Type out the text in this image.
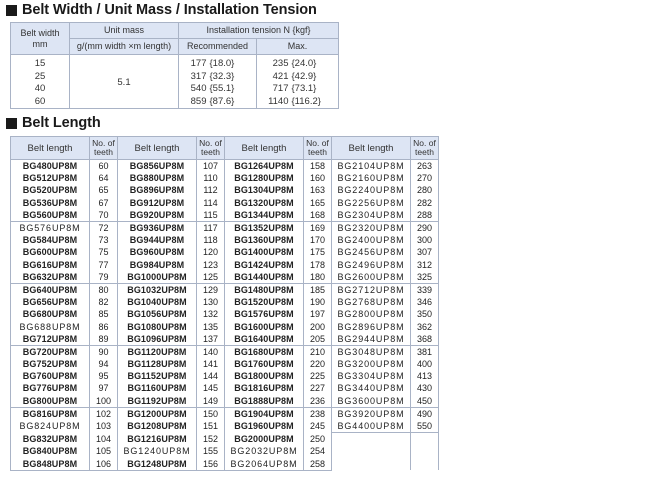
Belt Width / Unit Mass / Installation Tension
Belt width
mm	Unit mass	Installation tension N {kgf}			
	g/(mm width ×m length)	Recommended		Max.	
15	5.1	177	{18.0}	235	{24.0}
25		317	{32.3}	421	{42.9}
40		540	{55.1}	717	{73.1}
60		859	{87.6}	1140	{116.2}
Belt Length
Belt length	No. of teeth	Belt length	No. of teeth	Belt length	No. of teeth	Belt length	No. of teeth
BG480UP8M	60	BG856UP8M	107	BG1264UP8M	158	BG2104UP8M	263
BG512UP8M	64	BG880UP8M	110	BG1280UP8M	160	BG2160UP8M	270
BG520UP8M	65	BG896UP8M	112	BG1304UP8M	163	BG2240UP8M	280
BG536UP8M	67	BG912UP8M	114	BG1320UP8M	165	BG2256UP8M	282
BG560UP8M	70	BG920UP8M	115	BG1344UP8M	168	BG2304UP8M	288
BG576UP8M	72	BG936UP8M	117	BG1352UP8M	169	BG2320UP8M	290
BG584UP8M	73	BG944UP8M	118	BG1360UP8M	170	BG2400UP8M	300
BG600UP8M	75	BG960UP8M	120	BG1400UP8M	175	BG2456UP8M	307
BG616UP8M	77	BG984UP8M	123	BG1424UP8M	178	BG2496UP8M	312
BG632UP8M	79	BG1000UP8M	125	BG1440UP8M	180	BG2600UP8M	325
BG640UP8M	80	BG1032UP8M	129	BG1480UP8M	185	BG2712UP8M	339
BG656UP8M	82	BG1040UP8M	130	BG1520UP8M	190	BG2768UP8M	346
BG680UP8M	85	BG1056UP8M	132	BG1576UP8M	197	BG2800UP8M	350
BG688UP8M	86	BG1080UP8M	135	BG1600UP8M	200	BG2896UP8M	362
BG712UP8M	89	BG1096UP8M	137	BG1640UP8M	205	BG2944UP8M	368
BG720UP8M	90	BG1120UP8M	140	BG1680UP8M	210	BG3048UP8M	381
BG752UP8M	94	BG1128UP8M	141	BG1760UP8M	220	BG3200UP8M	400
BG760UP8M	95	BG1152UP8M	144	BG1800UP8M	225	BG3304UP8M	413
BG776UP8M	97	BG1160UP8M	145	BG1816UP8M	227	BG3440UP8M	430
BG800UP8M	100	BG1192UP8M	149	BG1888UP8M	236	BG3600UP8M	450
BG816UP8M	102	BG1200UP8M	150	BG1904UP8M	238	BG3920UP8M	490
BG824UP8M	103	BG1208UP8M	151	BG1960UP8M	245	BG4400UP8M	550
BG832UP8M	104	BG1216UP8M	152	BG2000UP8M	250		
BG840UP8M	105	BG1240UP8M	155	BG2032UP8M	254		
BG848UP8M	106	BG1248UP8M	156	BG2064UP8M	258		
